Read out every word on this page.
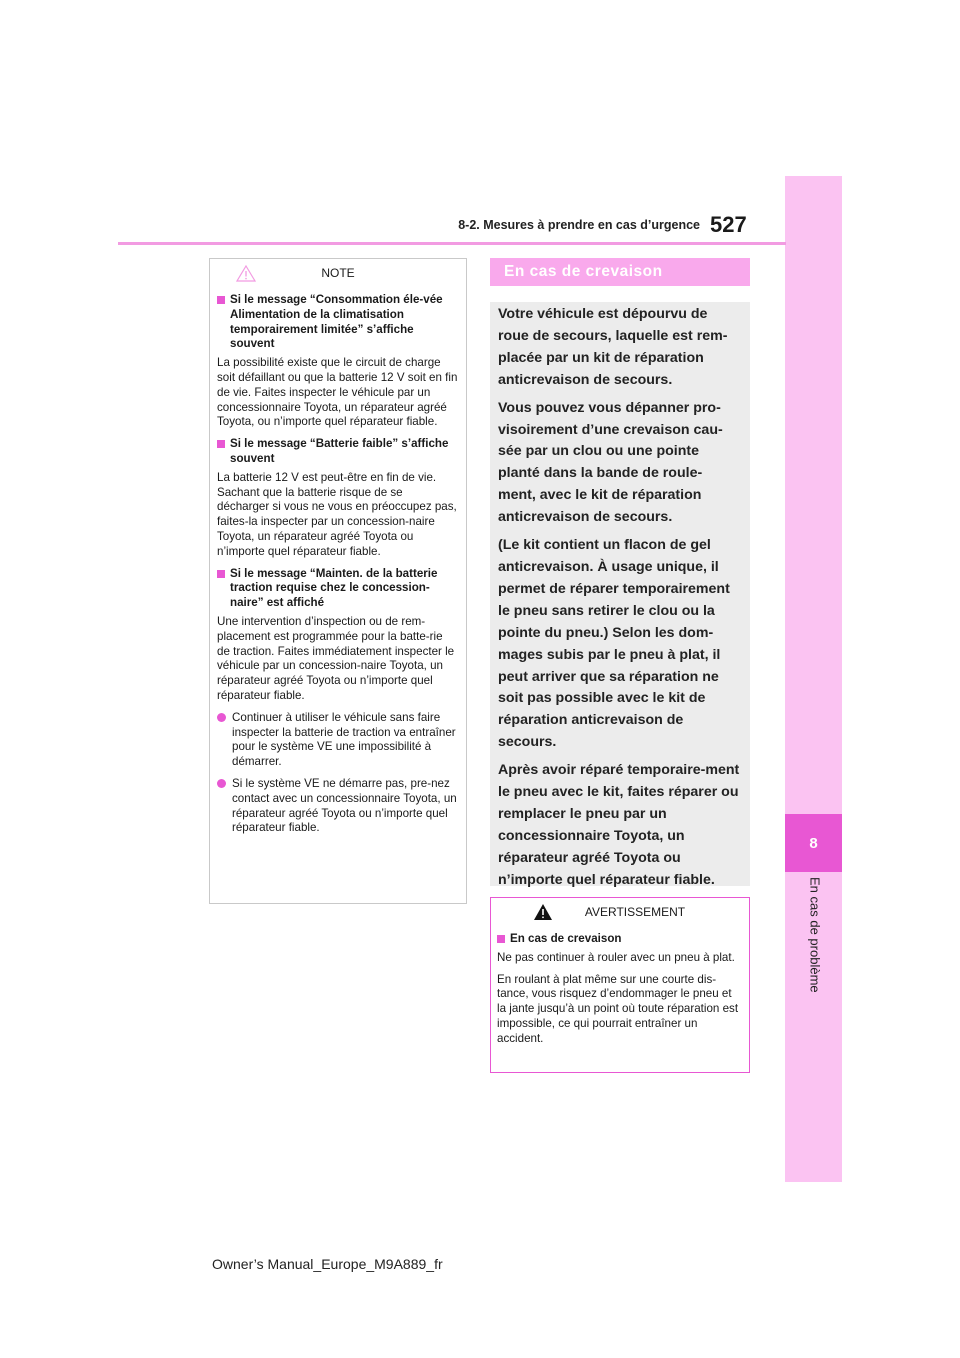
8
En cas de problème
8-2. Mesures à prendre en cas d’urgence 527
NOTE
Si le message “Consommation éle-vée Alimentation de la climatisation temporairement limitée” s’affiche souvent

La possibilité existe que le circuit de charge soit défaillant ou que la batterie 12 V soit en fin de vie. Faites inspecter le véhicule par un concessionnaire Toyota, un réparateur agréé Toyota, ou n’importe quel réparateur fiable.

Si le message “Batterie faible” s’affiche souvent

La batterie 12 V est peut-être en fin de vie. Sachant que la batterie risque de se décharger si vous ne vous en préoccupez pas, faites-la inspecter par un concession-naire Toyota, un réparateur agréé Toyota ou n’importe quel réparateur fiable.

Si le message “Mainten. de la batterie traction requise chez le concession-naire” est affiché

Une intervention d’inspection ou de rem-placement est programmée pour la batte-rie de traction. Faites immédiatement inspecter le véhicule par un concession-naire Toyota, un réparateur agréé Toyota ou n’importe quel réparateur fiable.

Continuer à utiliser le véhicule sans faire inspecter la batterie de traction va entraîner pour le système VE une impossibilité à démarrer.
Si le système VE ne démarre pas, pre-nez contact avec un concessionnaire Toyota, un réparateur agréé Toyota ou n’importe quel réparateur fiable.
En cas de crevaison

Votre véhicule est dépourvu de roue de secours, laquelle est rem-placée par un kit de réparation anticrevaison de secours.

Vous pouvez vous dépanner pro-visoirement d’une crevaison cau-sée par un clou ou une pointe planté dans la bande de roule-ment, avec le kit de réparation anticrevaison de secours.

(Le kit contient un flacon de gel anticrevaison. À usage unique, il permet de réparer temporairement le pneu sans retirer le clou ou la pointe du pneu.) Selon les dom-mages subis par le pneu à plat, il peut arriver que sa réparation ne soit pas possible avec le kit de réparation anticrevaison de secours.

Après avoir réparé temporaire-ment le pneu avec le kit, faites réparer ou remplacer le pneu par un concessionnaire Toyota, un réparateur agréé Toyota ou n’importe quel réparateur fiable.

AVERTISSEMENT
En cas de crevaison

Ne pas continuer à rouler avec un pneu à plat.

En roulant à plat même sur une courte dis-tance, vous risquez d’endommager le pneu et la jante jusqu’à un point où toute réparation est impossible, ce qui pourrait entraîner un accident.

Owner’s Manual_Europe_M9A889_fr
